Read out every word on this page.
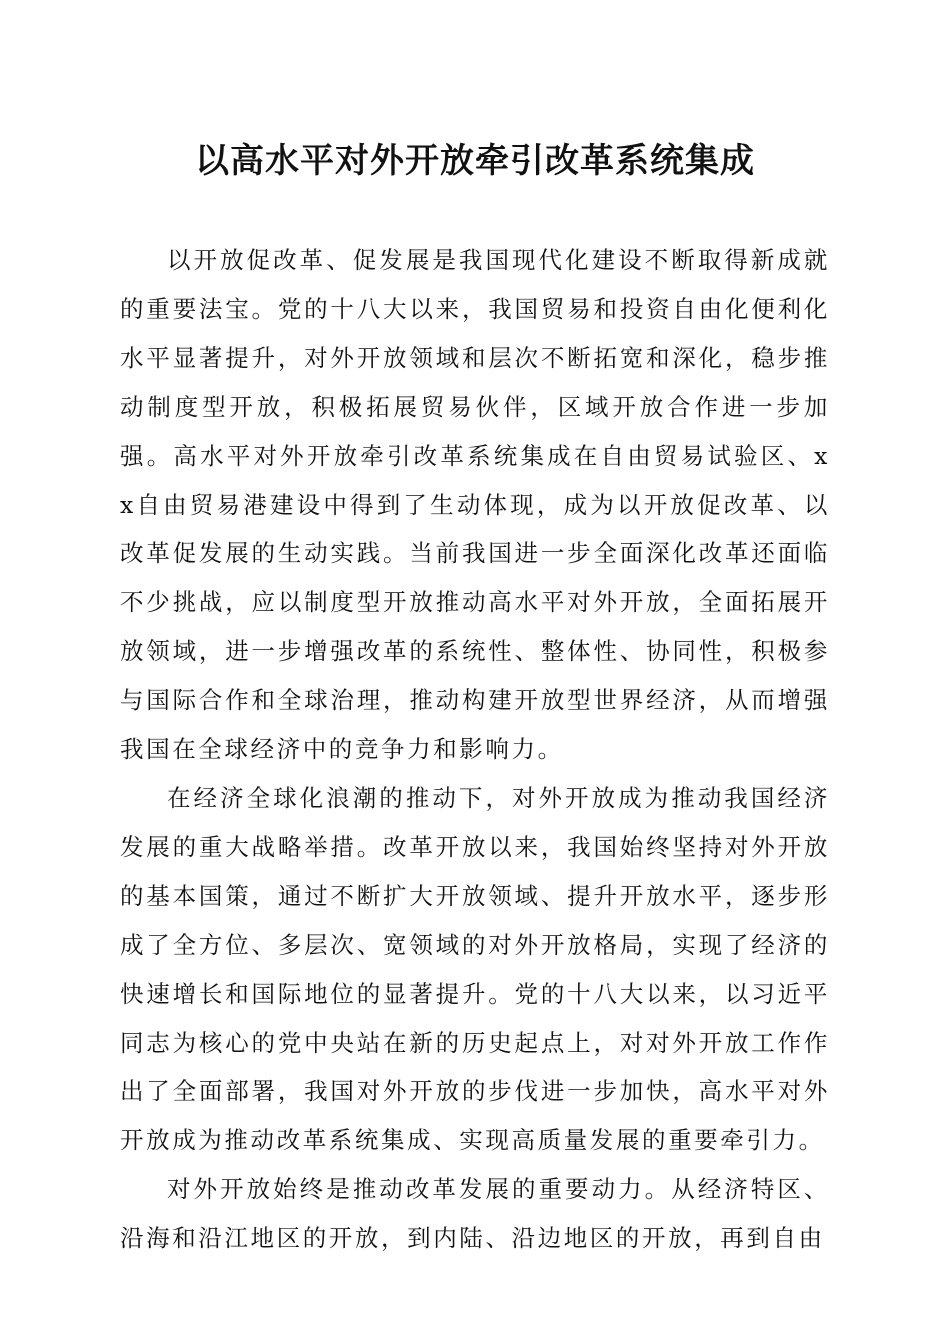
以高水平对外开放牵引改革系统集成

以开放促改革、促发展是我国现代化建设不断取得新成就的重要法宝。党的十八大以来，我国贸易和投资自由化便利化水平显著提升，对外开放领域和层次不断拓宽和深化，稳步推动制度型开放，积极拓展贸易伙伴，区域开放合作进一步加强。高水平对外开放牵引改革系统集成在自由贸易试验区、xx自由贸易港建设中得到了生动体现，成为以开放促改革、以改革促发展的生动实践。当前我国进一步全面深化改革还面临不少挑战，应以制度型开放推动高水平对外开放，全面拓展开放领域，进一步增强改革的系统性、整体性、协同性，积极参与国际合作和全球治理，推动构建开放型世界经济，从而增强我国在全球经济中的竞争力和影响力。

在经济全球化浪潮的推动下，对外开放成为推动我国经济发展的重大战略举措。改革开放以来，我国始终坚持对外开放的基本国策，通过不断扩大开放领域、提升开放水平，逐步形成了全方位、多层次、宽领域的对外开放格局，实现了经济的快速增长和国际地位的显著提升。党的十八大以来，以习近平同志为核心的党中央站在新的历史起点上，对对外开放工作作出了全面部署，我国对外开放的步伐进一步加快，高水平对外开放成为推动改革系统集成、实现高质量发展的重要牵引力。

对外开放始终是推动改革发展的重要动力。从经济特区、沿海和沿江地区的开放，到内陆、沿边地区的开放，再到自由
